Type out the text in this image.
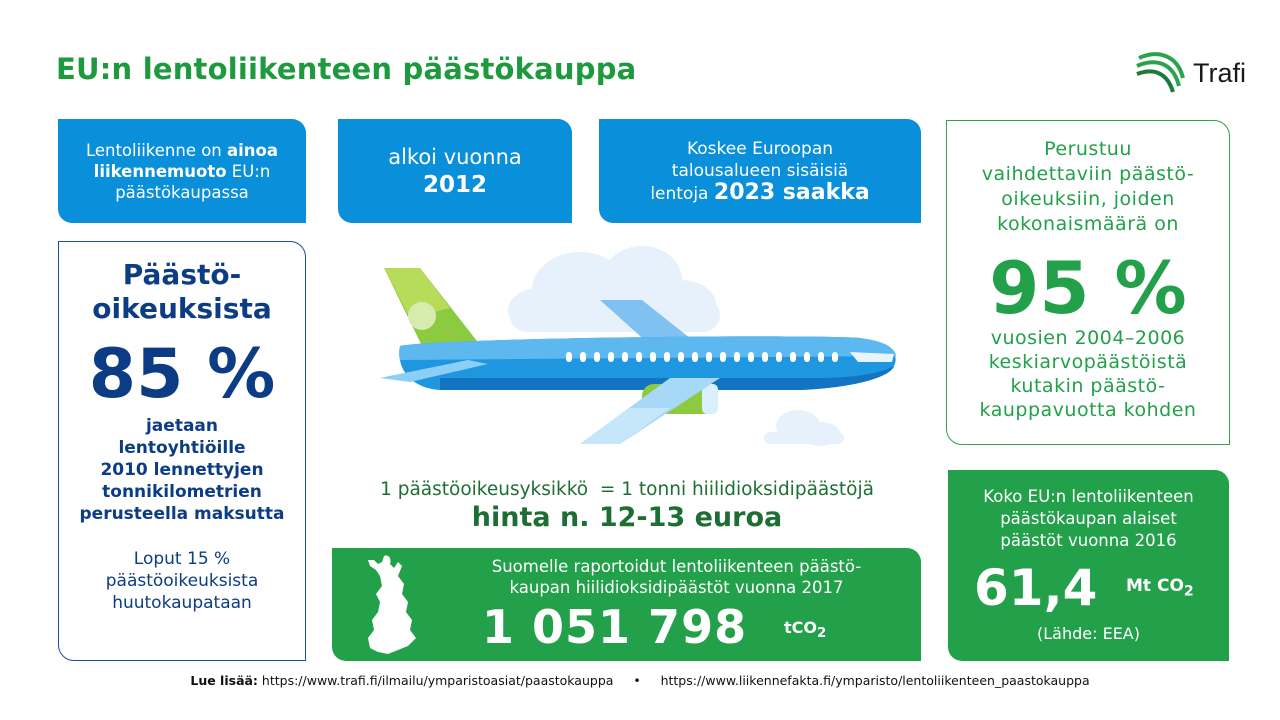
EU:n lentoliikenteen päästökauppa	Trafi
Lentoliikenne on ainoa liikennemuoto EU:n päästökaupassa
alkoi vuonna
2012
Koskee Euroopan
talousalueen sisäisiä
lentoja 2023 saakka
Päästö-
oikeuksista
85 %
jaetaan
lentoyhtiöille
2010 lennettyjen
tonnikilometrien
perusteella maksutta
Loput 15 %
päästöoikeuksista
huutokaupataan
Perustuu
vaihdettaviin päästö-
oikeuksiin, joiden
kokonaismäärä on
95 %
vuosien 2004–2006
keskiarvopäästöistä
kutakin päästö-
kauppavuotta kohden
1 päästöoikeusyksikkö  = 1 tonni hiilidioksidipäästöjä
hinta n. 12-13 euroa
Suomelle raportoidut lentoliikenteen päästö-
kaupan hiilidioksidipäästöt vuonna 2017
1 051 798 tCO$_2$
Koko EU:n lentoliikenteen
päästökaupan alaiset
päästöt vuonna 2016
61,4 Mt $CO_2$
(Lähde: EEA)
Lue lisää: https://www.trafi.fi/ilmailu/ymparistoasiat/paastokauppa • https://www.liikennefakta.fi/ymparisto/lentoliikenteen_paastokauppa
